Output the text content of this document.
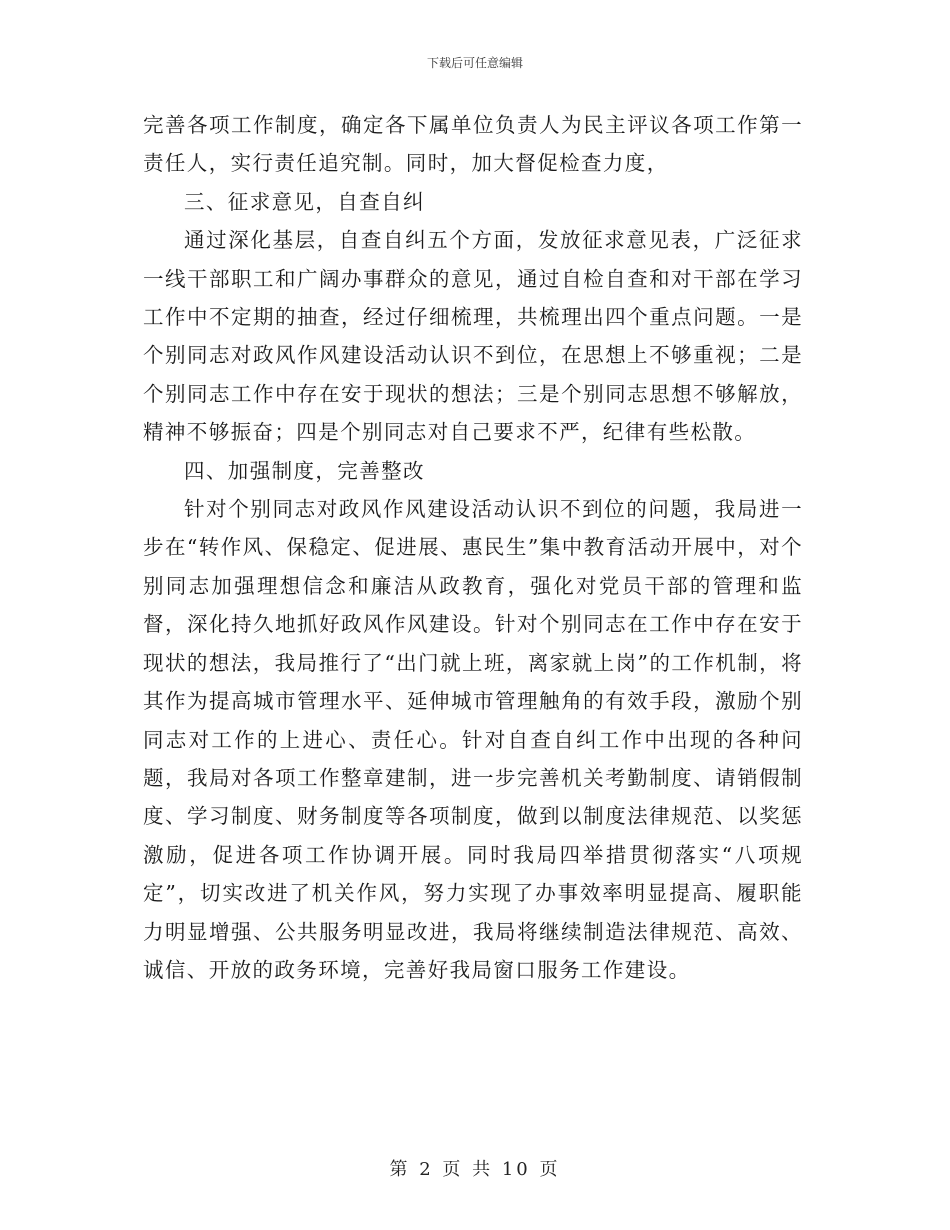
下载后可任意编辑

完善各项工作制度，确定各下属单位负责人为民主评议各项工作第一责任人，实行责任追究制。同时，加大督促检查力度，

三、征求意见，自查自纠

通过深化基层，自查自纠五个方面，发放征求意见表，广泛征求一线干部职工和广阔办事群众的意见，通过自检自查和对干部在学习工作中不定期的抽查，经过仔细梳理，共梳理出四个重点问题。一是个别同志对政风作风建设活动认识不到位，在思想上不够重视；二是个别同志工作中存在安于现状的想法；三是个别同志思想不够解放，精神不够振奋；四是个别同志对自己要求不严，纪律有些松散。

四、加强制度，完善整改

针对个别同志对政风作风建设活动认识不到位的问题，我局进一步在“转作风、保稳定、促进展、惠民生”集中教育活动开展中，对个别同志加强理想信念和廉洁从政教育，强化对党员干部的管理和监督，深化持久地抓好政风作风建设。针对个别同志在工作中存在安于现状的想法，我局推行了“出门就上班，离家就上岗”的工作机制，将其作为提高城市管理水平、延伸城市管理触角的有效手段，激励个别同志对工作的上进心、责任心。针对自查自纠工作中出现的各种问题，我局对各项工作整章建制，进一步完善机关考勤制度、请销假制度、学习制度、财务制度等各项制度，做到以制度法律规范、以奖惩激励，促进各项工作协调开展。同时我局四举措贯彻落实“八项规定”，切实改进了机关作风，努力实现了办事效率明显提高、履职能力明显增强、公共服务明显改进，我局将继续制造法律规范、高效、诚信、开放的政务环境，完善好我局窗口服务工作建设。

第 2 页 共 10 页
